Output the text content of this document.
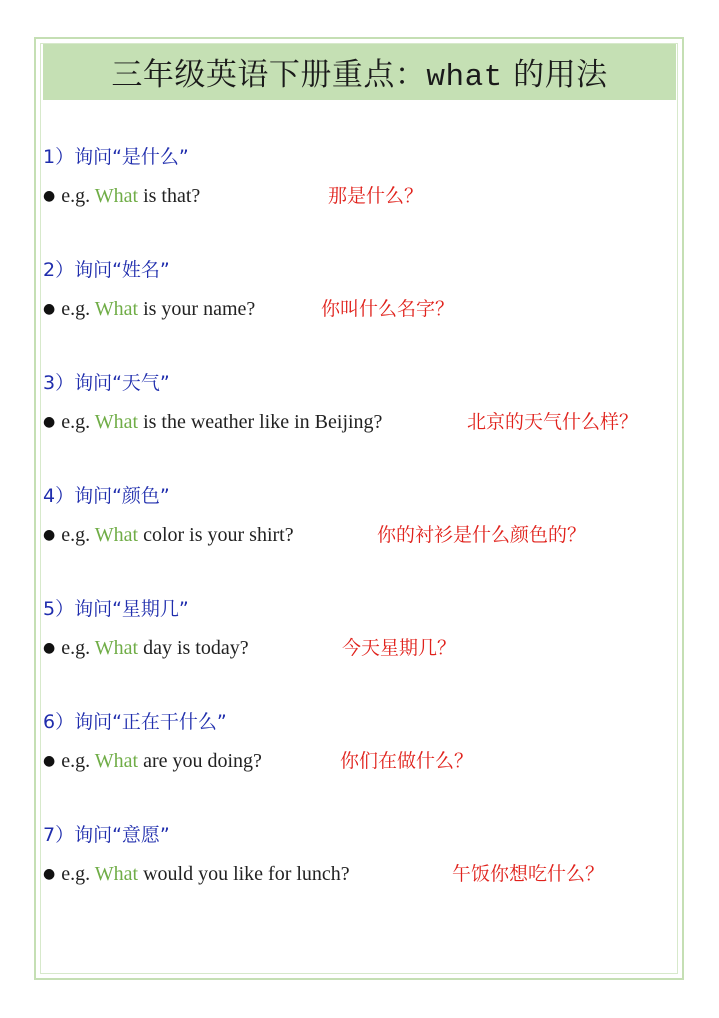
三年级英语下册重点：what 的用法
1）询问“是什么”
● e.g. What is that?	那是什么？
2）询问“姓名”
● e.g. What is your name?	你叫什么名字？
3）询问“天气”
● e.g. What is the weather like in Beijing?	北京的天气什么样？
4）询问“颜色”
● e.g. What color is your shirt?	你的衬衫是什么颜色的？
5）询问“星期几”
● e.g. What day is today?	今天星期几？
6）询问“正在干什么”
● e.g. What are you doing?	你们在做什么？
7）询问“意愿”
● e.g. What would you like for lunch?	午饭你想吃什么？
